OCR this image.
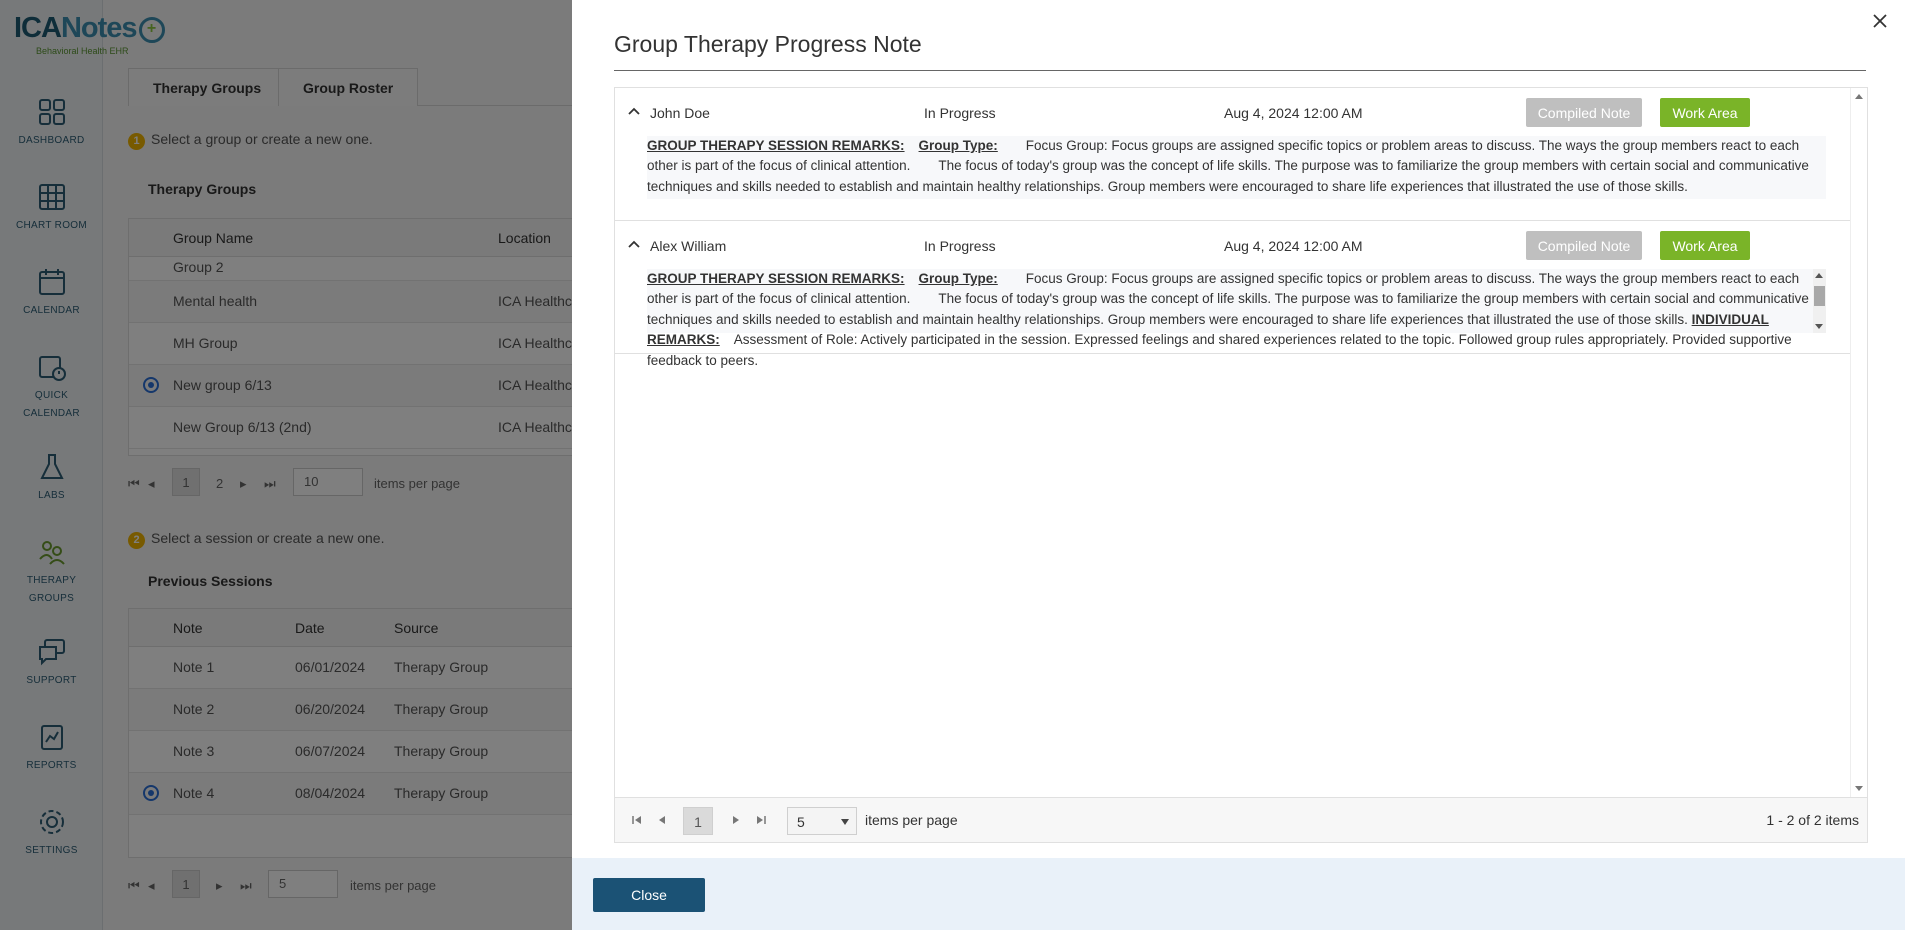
Group Therapy Progress Note
John Doe	In Progress	Aug 4, 2024 12:00 AM	Compiled Note	Work Area
GROUP THERAPY SESSION REMARKS: Group Type: Focus Group: Focus groups are assigned specific topics or problem areas to discuss. The ways the group members react to each other is part of the focus of clinical attention. The focus of today's group was the concept of life skills. The purpose was to familiarize the group members with certain social and communicative techniques and skills needed to establish and maintain healthy relationships. Group members were encouraged to share life experiences that illustrated the use of those skills.
Alex William	In Progress	Aug 4, 2024 12:00 AM	Compiled Note	Work Area
GROUP THERAPY SESSION REMARKS: Group Type: Focus Group: Focus groups are assigned specific topics or problem areas to discuss. The ways the group members react to each other is part of the focus of clinical attention. The focus of today's group was the concept of life skills. The purpose was to familiarize the group members with certain social and communicative techniques and skills needed to establish and maintain healthy relationships. Group members were encouraged to share life experiences that illustrated the use of those skills. INDIVIDUAL REMARKS: Assessment of Role: Actively participated in the session. Expressed feelings and shared experiences related to the topic. Followed group rules appropriately. Provided supportive feedback to peers.
1	5	items per page	1 - 2 of 2 items
Close
